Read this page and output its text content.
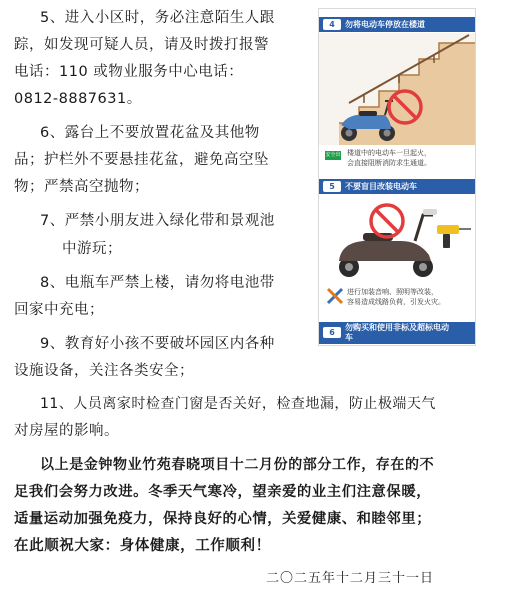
5、进入小区时，务必注意陌生人跟
踪，如发现可疑人员，请及时拨打报警
电话：110 或物业服务中心电话：
0812-8887631。
6、露台上不要放置花盆及其他物
品；护栏外不要悬挂花盆，避免高空坠
物；严禁高空抛物；
7、严禁小朋友进入绿化带和景观池
中游玩；
8、电瓶车严禁上楼，请勿将电池带
回家中充电；
9、教育好小孩不要破坏园区内各种
设施设备，关注各类安全；
11、人员离家时检查门窗是否关好，检查地漏，防止极端天气
对房屋的影响。
以上是金钟物业竹苑春晓项目十二月份的部分工作，存在的不
足我们会努力改进。冬季天气寒冷，望亲爱的业主们注意保暖，
适量运动加强免疫力，保持良好的心情，关爱健康、和睦邻里；
在此顺祝大家：身体健康，工作顺利！
二〇二五年十二月三十一日
4	勿将电动车停放在楼道
安全出口
楼道中的电动车一旦起火，
会直接阻断消防求生通道。
5	不要盲目改装电动车
进行加装音响、照明等改装，
容易造成线路负荷，引发火灾。
6
勿购买和使用非标及超标电动车
